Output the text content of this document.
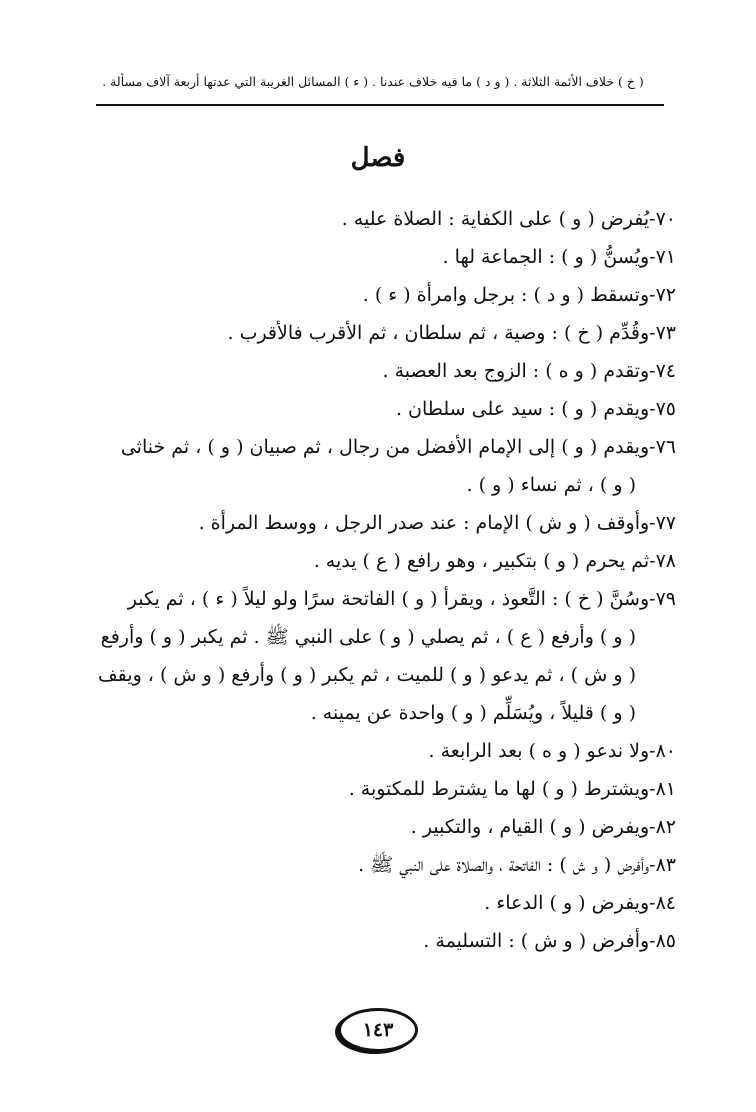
( خ ) خلاف الأئمة الثلاثة . ( و د ) ما فيه خلاف عندنا . ( ء ) المسائل الغريبة التي عدتها أربعة آلاف مسألة .
فصل
٧٠-يُفرض ( و ) على الكفاية : الصلاة عليه .
٧١-ويُسنُّ ( و ) : الجماعة لها .
٧٢-وتسقط ( و د ) : برجل وامرأة ( ء ) .
٧٣-وقُدِّم ( خ ) : وصية ، ثم سلطان ، ثم الأقرب فالأقرب .
٧٤-وتقدم ( و ه ) : الزوج بعد العصبة .
٧٥-ويقدم ( و ) : سيد على سلطان .
٧٦-ويقدم ( و ) إلى الإمام الأفضل من رجال ، ثم صبيان ( و ) ، ثم خناثى
( و ) ، ثم نساء ( و ) .
٧٧-وأوقف ( و ش ) الإمام : عند صدر الرجل ، ووسط المرأة .
٧٨-ثم يحرم ( و ) بتكبير ، وهو رافع ( ع ) يديه .
٧٩-وسُنَّ ( خ ) : التَّعوذ ، ويقرأ ( و ) الفاتحة سرًا ولو ليلاً ( ء ) ، ثم يكبر
( و ) وأرفع ( ع ) ، ثم يصلي ( و ) على النبي ﷺ . ثم يكبر ( و ) وأرفع
( و ش ) ، ثم يدعو ( و ) للميت ، ثم يكبر ( و ) وأرفع ( و ش ) ، ويقف
( و ) قليلاً ، ويُسَلِّم ( و ) واحدة عن يمينه .
٨٠-ولا ندعو ( و ه ) بعد الرابعة .
٨١-ويشترط ( و ) لها ما يشترط للمكتوبة .
٨٢-ويفرض ( و ) القيام ، والتكبير .
٨٣-وأفرض ( و ش ) : الفاتحة ، والصلاة على النبي ﷺ .
٨٤-ويفرض ( و ) الدعاء .
٨٥-وأفرض ( و ش ) : التسليمة .
١٤٣
